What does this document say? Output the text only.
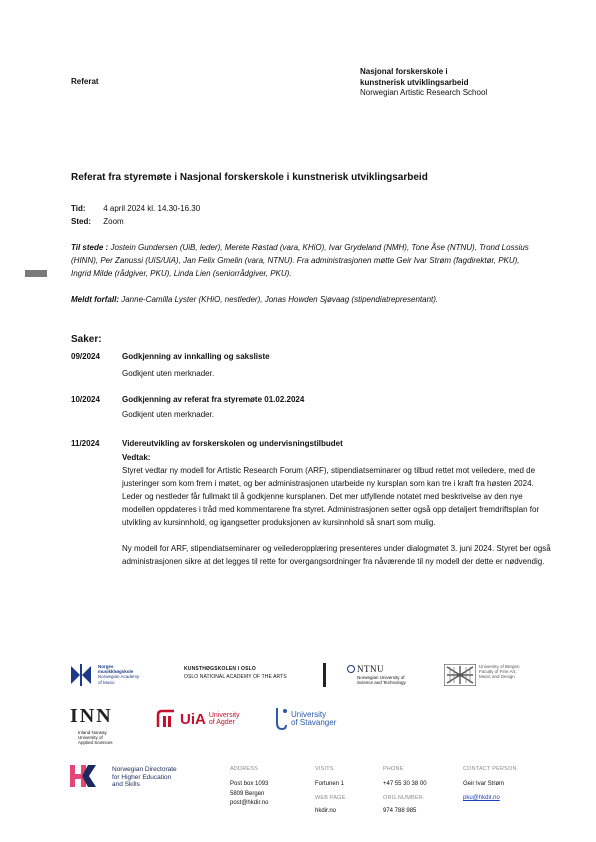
Referat
Nasjonal forskerskole i
kunstnerisk utviklingsarbeid
Norwegian Artistic Research School
Referat fra styremøte i Nasjonal forskerskole i kunstnerisk utviklingsarbeid
Tid: 4 april 2024 kl. 14.30-16.30
Sted: Zoom
Til stede : Jostein Gundersen (UiB, leder), Merete Røstad (vara, KHiO), Ivar Grydeland (NMH), Tone Åse (NTNU), Trond Lossius (HINN), Per Zanussi (UiS/UiA), Jan Felix Gmelin (vara, NTNU). Fra administrasjonen møtte Geir Ivar Strøm (fagdirektør, PKU), Ingrid Milde (rådgiver, PKU), Linda Lien (seniorrådgiver, PKU).
Meldt forfall: Janne-Camilla Lyster (KHiO, nestleder), Jonas Howden Sjøvaag (stipendiatrepresentant).
Saker:
09/2024	Godkjenning av innkalling og saksliste
Godkjent uten merknader.
10/2024	Godkjenning av referat fra styremøte 01.02.2024
Godkjent uten merknader.
11/2024	Videreutvikling av forskerskolen og undervisningstilbudet
Vedtak:

Styret vedtar ny modell for Artistic Research Forum (ARF), stipendiatseminarer og tilbud rettet mot veiledere, med de justeringer som kom frem i møtet, og ber administrasjonen utarbeide ny kursplan som kan tre i kraft fra høsten 2024. Leder og nestleder får fullmakt til å godkjenne kursplanen. Det mer utfyllende notatet med beskrivelse av den nye modellen oppdateres i tråd med kommentarene fra styret. Administrasjonen setter også opp detaljert fremdriftsplan for utvikling av kursinnhold, og igangsetter produksjonen av kursinnhold så snart som mulig.

Ny modell for ARF, stipendiatseminarer og veilederopplæring presenteres under dialogmøtet 3. juni 2024. Styret ber også administrasjonen sikre at det legges til rette for overgangsordninger fra nåværende til ny modell der dette er nødvendig.

Norges
musikkhøgskole
Norwegian Academy
of Music
KUNSTHØGSKOLEN I OSLO
OSLO NATIONAL ACADEMY OF THE ARTS
NTNU
Norwegian University of
Science and Technology
University of Bergen
Faculty of Fine Art,
Music and Design
INN
Inland Norway
University of
Applied Sciences
UiA University
of Agder
University
of Stavanger
Norwegian Directorate
for Higher Education
and Skills
ADDRESS
Post box 1093
5809 Bergen
post@hkdir.no
VISITS
Fortunen 1
WEB PAGE
hkdir.no
PHONE
+47 55 30 38 00
ORG.NUMBER.
974 788 985
CONTACT PERSON
Geir Ivar Strøm
pku@hkdir.no
